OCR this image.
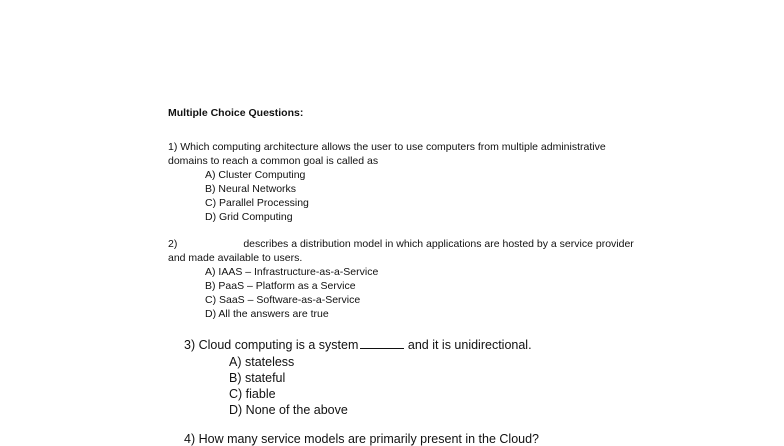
Multiple Choice Questions:
1) Which computing architecture allows the user to use computers from multiple administrative domains to reach a common goal is called as
A) Cluster Computing
B) Neural Networks
C) Parallel Processing
D) Grid Computing
2)	describes a distribution model in which applications are hosted by a service provider and made available to users.
A) IAAS – Infrastructure-as-a-Service
B) PaaS – Platform as a Service
C) SaaS – Software-as-a-Service
D) All the answers are true
3) Cloud computing is a system	and it is unidirectional.
A) stateless
B) stateful
C) fiable
D) None of the above
4) How many service models are primarily present in the Cloud?
